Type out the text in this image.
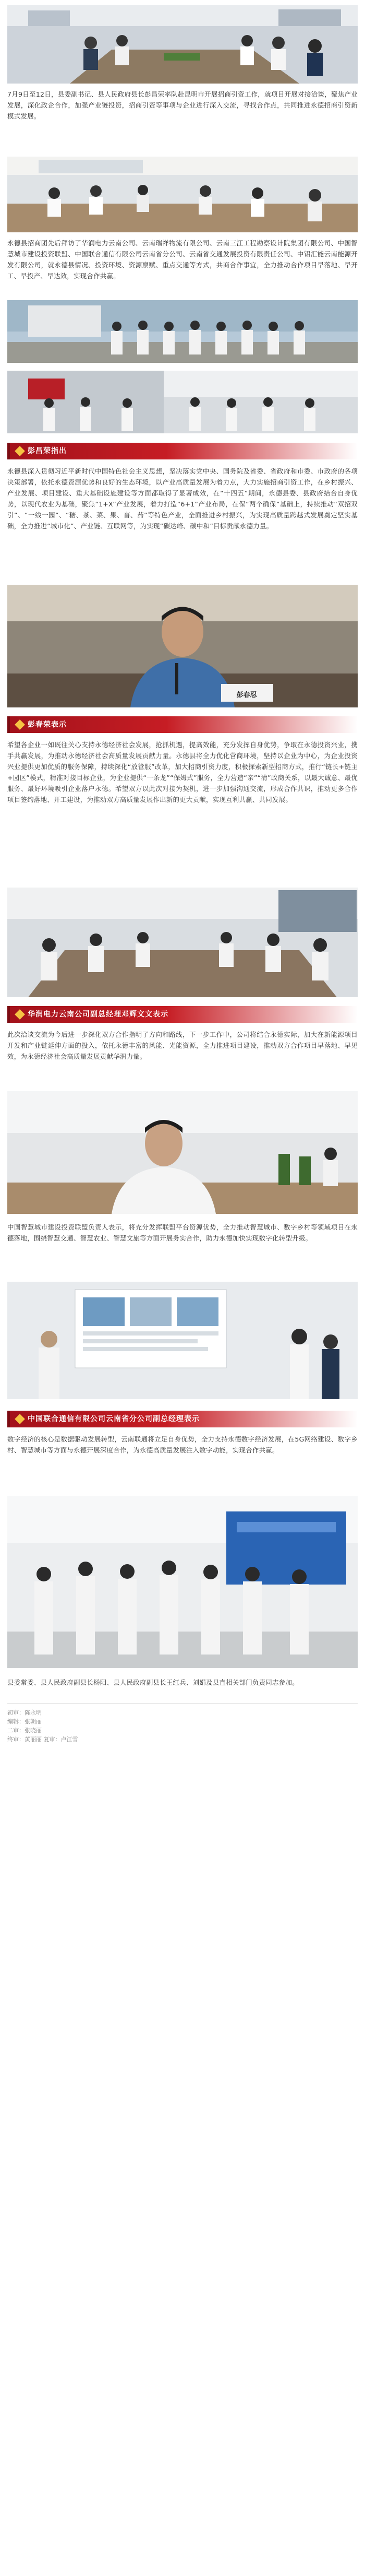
7月9日至12日，县委副书记、县人民政府县长彭昌荣率队赴昆明市开展招商引资工作，就项目开展对接洽谈，聚焦产业发展，深化政企合作，加强产业链投资，招商引资等事项与企业进行深入交流，寻找合作点，共同推进永德招商引资新模式发展。

永德县招商团先后拜访了华润电力云南公司、云南瑞祥物流有限公司、云南三江工程勘察设计院集团有限公司、中国智慧城市建设投资联盟、中国联合通信有限公司云南省分公司、云南省交通发展投资有限责任公司、中铝汇能云南能源开发有限公司，就永德县情况、投资环境、资源禀赋、重点交通等方式，共商合作事宜，全力推动合作项目早落地、早开工、早投产、早达效，实现合作共赢。

彭昌荣指出

永德县深入贯彻习近平新时代中国特色社会主义思想，坚决落实党中央、国务院及省委、省政府和市委、市政府的各项决策部署，依托永德资源优势和良好的生态环境，以产业高质量发展为着力点，大力实施招商引资工作，在乡村振兴、产业发展、项目建设、重大基础设施建设等方面都取得了显著成效，在“十四五”期间，永德县委、县政府结合自身优势，以现代农业为基础，聚焦“1+X”产业发展，着力打造“6+1”产业布局，在保“两个确保”基础上，持续推动“双招双引”、“一线一园”、“糖、茶、菜、果、畜、药”等特色产业，全面推进乡村振兴，为实现高质量跨越式发展奠定坚实基础，全力推进“城市化”、产业链、互联网等，为实现“碳达峰、碳中和”目标贡献永德力量。

彭春忍
彭春荣表示

希望各企业一如既往关心支持永德经济社会发展，抢抓机遇，提高效能，充分发挥自身优势，争取在永德投资兴业，携手共赢发展，为推动永德经济社会高质量发展贡献力量。永德县将全力优化营商环境，坚持以企业为中心，为企业投资兴业提供更加优质的服务保障，持续深化“放管服”改革，加大招商引资力度，积极探索新型招商方式，推行“链长+链主+园区”模式，精准对接目标企业，为企业提供“一条龙”“保姆式”服务，全力营造“亲”“清”政商关系，以最大诚意、最优服务、最好环境吸引企业落户永德。希望双方以此次对接为契机，进一步加强沟通交流，形成合作共识，推动更多合作项目签约落地、开工建设，为推动双方高质量发展作出新的更大贡献，实现互利共赢、共同发展。

华润电力云南公司副总经理邓辉文文表示

此次洽谈交流为今后进一步深化双方合作指明了方向和路线，下一步工作中，公司将结合永德实际，加大在新能源项目开发和产业链延伸方面的投入，依托永德丰富的风能、光能资源，全力推进项目建设，推动双方合作项目早落地、早见效，为永德经济社会高质量发展贡献华润力量。

中国智慧城市建设投资联盟负责人表示，将充分发挥联盟平台资源优势，全力推动智慧城市、数字乡村等领域项目在永德落地，围绕智慧交通、智慧农业、智慧文旅等方面开展务实合作，助力永德加快实现数字化转型升级。

中国联合通信有限公司云南省分公司副总经理表示

数字经济的核心是数据驱动发展转型，云南联通将立足自身优势，全力支持永德数字经济发展，在5G网络建设、数字乡村、智慧城市等方面与永德开展深度合作，为永德高质量发展注入数字动能，实现合作共赢。

县委常委、县人民政府副县长杨阳、县人民政府副县长王红兵、刘娟及县直相关部门负责同志参加。

初审：陈永明
编辑：张朝丽
二审：张晓丽
终审：黄丽丽 复审：卢江雪
